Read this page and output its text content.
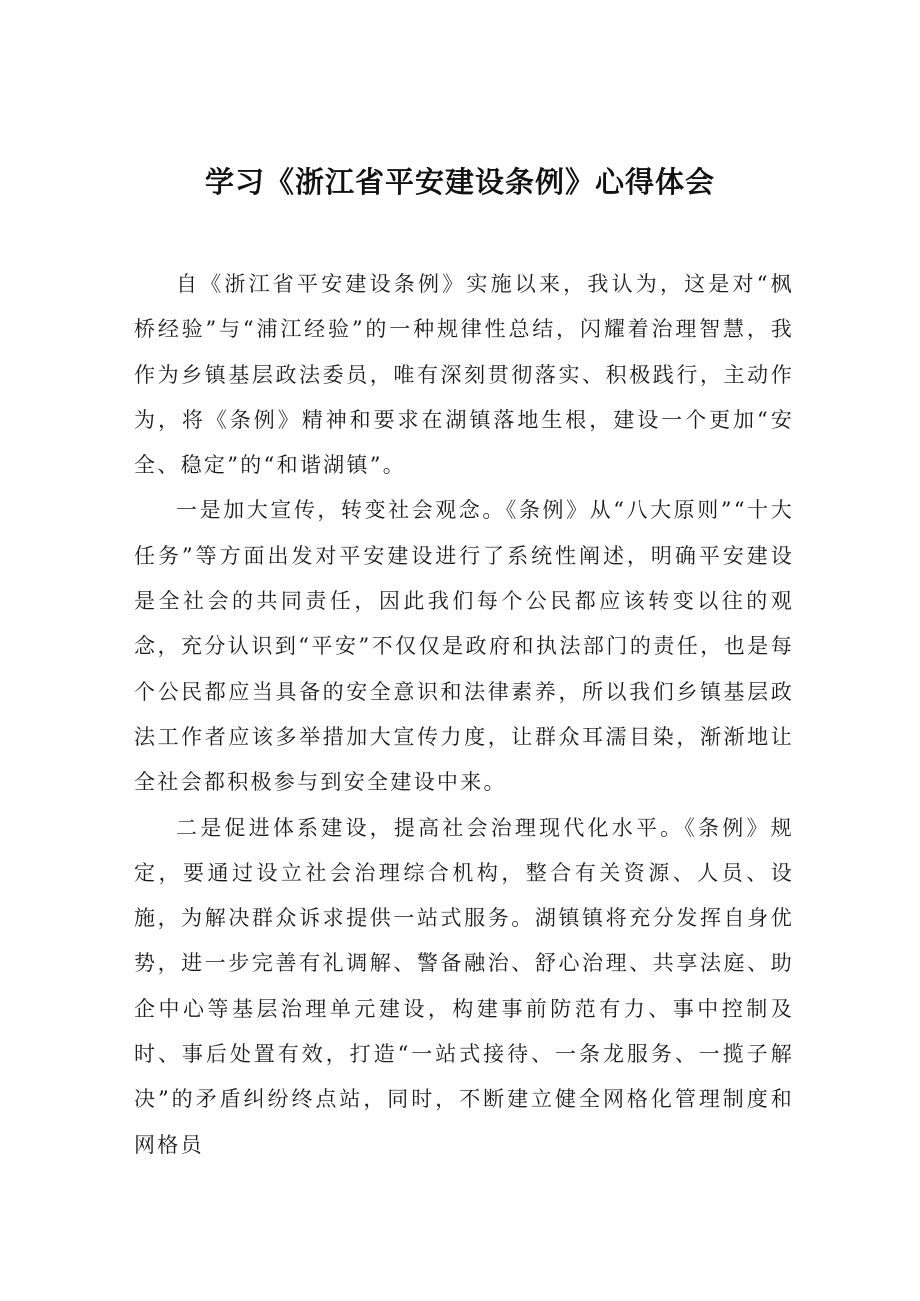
学习《浙江省平安建设条例》心得体会

自《浙江省平安建设条例》实施以来，我认为，这是对“枫桥经验”与“浦江经验”的一种规律性总结，闪耀着治理智慧，我作为乡镇基层政法委员，唯有深刻贯彻落实、积极践行，主动作为，将《条例》精神和要求在湖镇落地生根，建设一个更加“安全、稳定”的“和谐湖镇”。

一是加大宣传，转变社会观念。《条例》从“八大原则”“十大任务”等方面出发对平安建设进行了系统性阐述，明确平安建设是全社会的共同责任，因此我们每个公民都应该转变以往的观念，充分认识到“平安”不仅仅是政府和执法部门的责任，也是每个公民都应当具备的安全意识和法律素养，所以我们乡镇基层政法工作者应该多举措加大宣传力度，让群众耳濡目染，渐渐地让全社会都积极参与到安全建设中来。

二是促进体系建设，提高社会治理现代化水平。《条例》规定，要通过设立社会治理综合机构，整合有关资源、人员、设施，为解决群众诉求提供一站式服务。湖镇镇将充分发挥自身优势，进一步完善有礼调解、警备融治、舒心治理、共享法庭、助企中心等基层治理单元建设，构建事前防范有力、事中控制及时、事后处置有效，打造“一站式接待、一条龙服务、一揽子解决”的矛盾纠纷终点站，同时，不断建立健全网格化管理制度和网格员
